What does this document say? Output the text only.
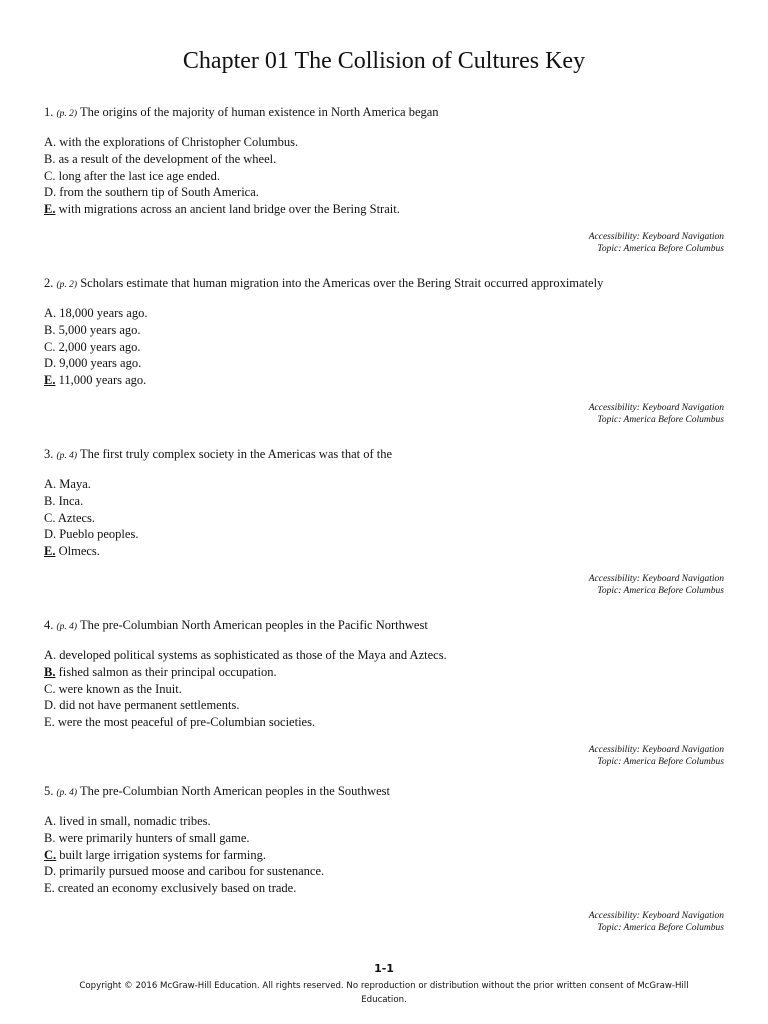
Chapter 01 The Collision of Cultures Key

1. (p. 2) The origins of the majority of human existence in North America began

A. with the explorations of Christopher Columbus.
B. as a result of the development of the wheel.
C. long after the last ice age ended.
D. from the southern tip of South America.
E. with migrations across an ancient land bridge over the Bering Strait.
Accessibility: Keyboard Navigation
Topic: America Before Columbus

2. (p. 2) Scholars estimate that human migration into the Americas over the Bering Strait occurred approximately

A. 18,000 years ago.
B. 5,000 years ago.
C. 2,000 years ago.
D. 9,000 years ago.
E. 11,000 years ago.
Accessibility: Keyboard Navigation
Topic: America Before Columbus

3. (p. 4) The first truly complex society in the Americas was that of the

A. Maya.
B. Inca.
C. Aztecs.
D. Pueblo peoples.
E. Olmecs.
Accessibility: Keyboard Navigation
Topic: America Before Columbus

4. (p. 4) The pre-Columbian North American peoples in the Pacific Northwest

A. developed political systems as sophisticated as those of the Maya and Aztecs.
B. fished salmon as their principal occupation.
C. were known as the Inuit.
D. did not have permanent settlements.
E. were the most peaceful of pre-Columbian societies.
Accessibility: Keyboard Navigation
Topic: America Before Columbus

5. (p. 4) The pre-Columbian North American peoples in the Southwest

A. lived in small, nomadic tribes.
B. were primarily hunters of small game.
C. built large irrigation systems for farming.
D. primarily pursued moose and caribou for sustenance.
E. created an economy exclusively based on trade.
Accessibility: Keyboard Navigation
Topic: America Before Columbus
1-1
Copyright © 2016 McGraw-Hill Education. All rights reserved. No reproduction or distribution without the prior written consent of McGraw-Hill Education.
